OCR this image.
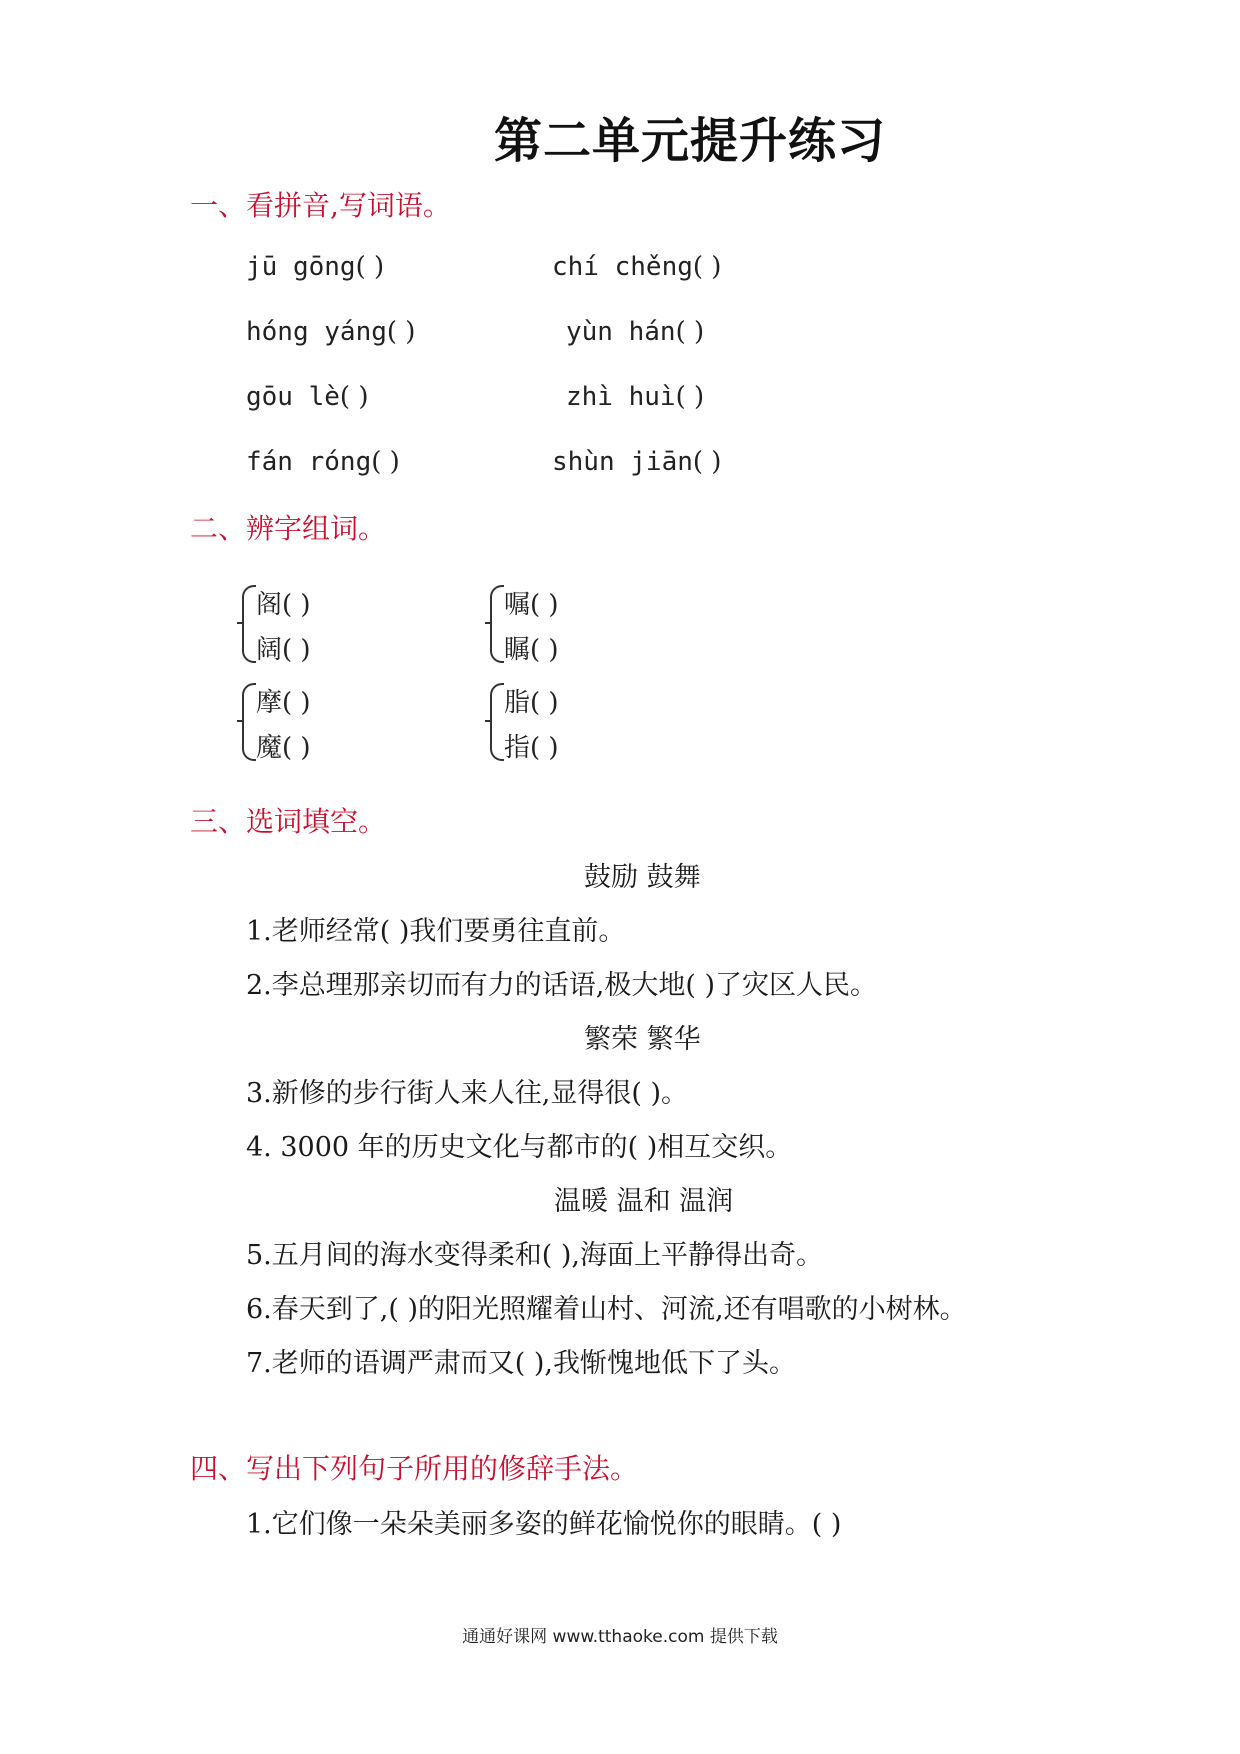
第二单元提升练习
一、看拼音,写词语。
jū gōng( )	chí chěng( )
hóng yáng( )	yùn hán( )
gōu lè( )	zhì huì( )
fán róng( )	shùn jiān( )
二、辨字组词。
阁( )
阔( )
嘱( )
瞩( )
摩( )
魔( )
脂( )
指( )
三、选词填空。
鼓励 鼓舞
1.老师经常( )我们要勇往直前。
2.李总理那亲切而有力的话语,极大地( )了灾区人民。
繁荣 繁华
3.新修的步行街人来人往,显得很( )。
4. 3000 年的历史文化与都市的( )相互交织。
温暖 温和 温润
5.五月间的海水变得柔和( ),海面上平静得出奇。
6.春天到了,( )的阳光照耀着山村、河流,还有唱歌的小树林。
7.老师的语调严肃而又( ),我惭愧地低下了头。
四、写出下列句子所用的修辞手法。
1.它们像一朵朵美丽多姿的鲜花愉悦你的眼睛。( )
通通好课网 www.tthaoke.com 提供下载
